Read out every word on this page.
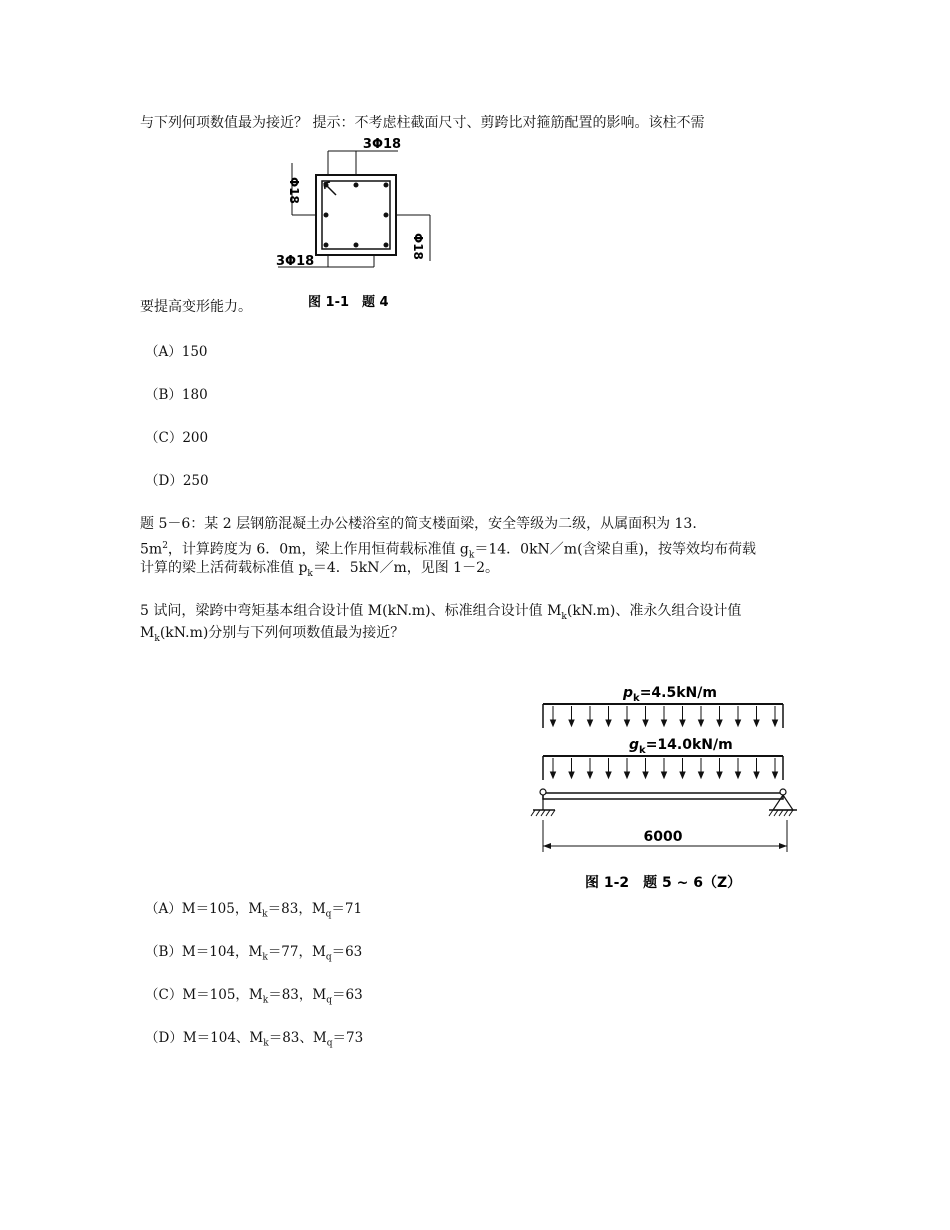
与下列何项数值最为接近？ 提示：不考虑柱截面尺寸、剪跨比对箍筋配置的影响。该柱不需
3Φ18
Φ18
Φ18
3Φ18
图 1-1　题 4
要提高变形能力。
（A）150
（B）180
（C）200
（D）250
题 5－6：某 2 层钢筋混凝土办公楼浴室的简支楼面梁，安全等级为二级，从属面积为 13.
$5m^2$，计算跨度为 6．0m，梁上作用恒荷载标准值 $g_k=14$．0kN／m(含梁自重)，按等效均布荷载
计算的梁上活荷载标准值 $p_k=4$．5kN／m，见图 1－2。
5 试问，梁跨中弯矩基本组合设计值 M(kN.m)、标准组合设计值 $M_k(kN.m)$、准永久组合设计值
$M_k(kN.m)$分别与下列何项数值最为接近？
$p_k=4.5kN/m$
$g_k=14.0kN/m$
6000
图 1-2　题 5 ~ 6（Z）
（A）M＝105，$M_k=83$，$M_q=71$
（B）M＝104，$M_k=77$，$M_q=63$
（C）M＝105，$M_k=83$，$M_q=63$
（D）M＝104、$M_k=83$、$M_q=73$
